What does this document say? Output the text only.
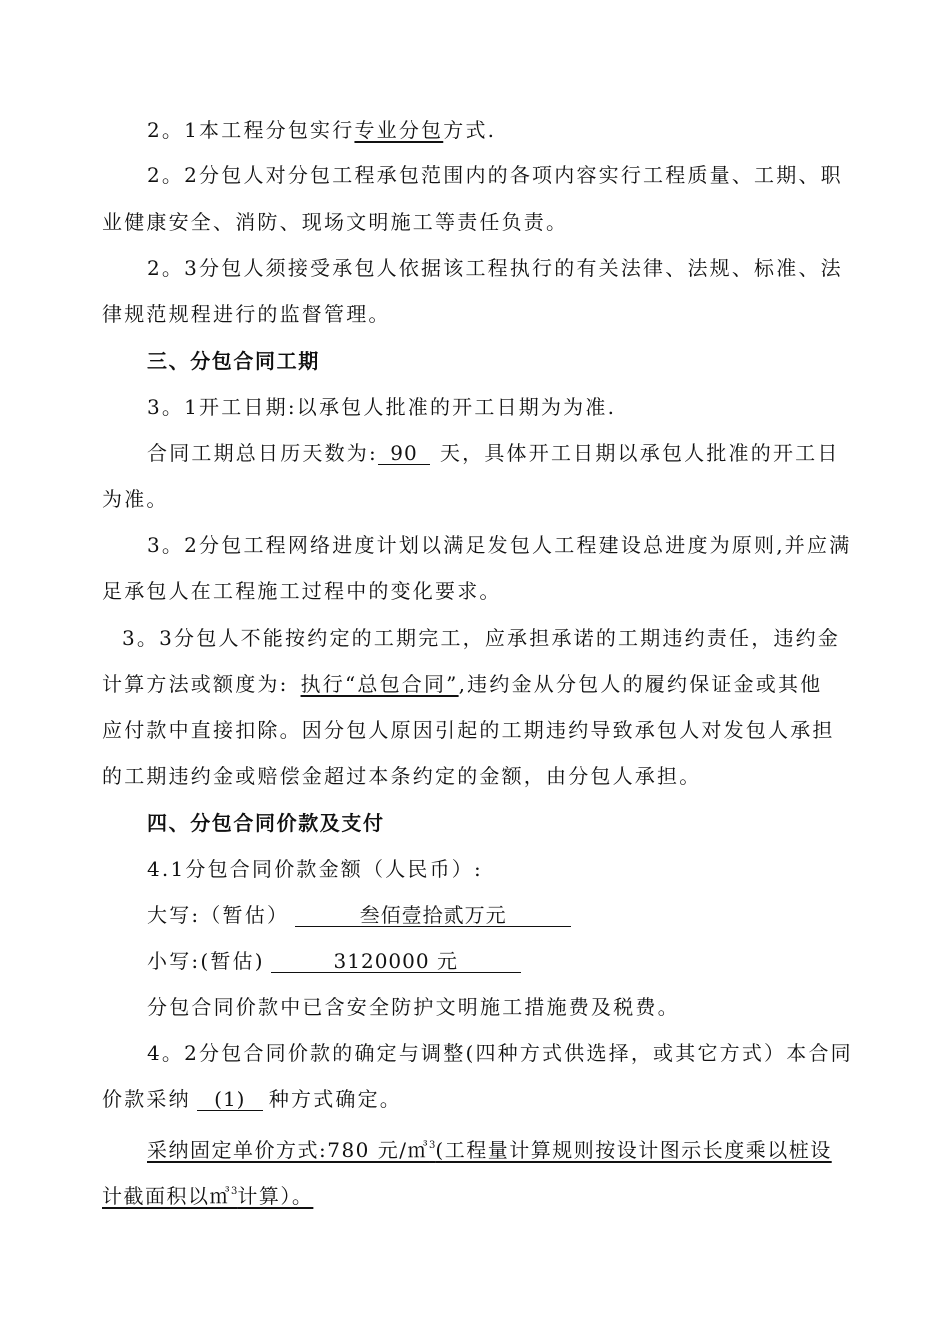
2。1本工程分包实行专业分包方式.
2。2分包人对分包工程承包范围内的各项内容实行工程质量、工期、职
业健康安全、消防、现场文明施工等责任负责。
2。3分包人须接受承包人依据该工程执行的有关法律、法规、标准、法
律规范规程进行的监督管理。
三、分包合同工期
3。1开工日期:以承包人批准的开工日期为为准.
合同工期总日历天数为: 90 天，具体开工日期以承包人批准的开工日
为准。
3。2分包工程网络进度计划以满足发包人工程建设总进度为原则,并应满
足承包人在工程施工过程中的变化要求。
3。3分包人不能按约定的工期完工，应承担承诺的工期违约责任，违约金
计算方法或额度为: 执行“总包合同”,违约金从分包人的履约保证金或其他
应付款中直接扣除。因分包人原因引起的工期违约导致承包人对发包人承担
的工期违约金或赔偿金超过本条约定的金额，由分包人承担。
四、分包合同价款及支付
4.1分包合同价款金额（人民币）:
大写:（暂估）	叁佰壹拾贰万元
小写:(暂估)	3120000 元
分包合同价款中已含安全防护文明施工措施费及税费。
4。2分包合同价款的确定与调整(四种方式供选择，或其它方式）本合同
价款采纳 (1) 种方式确定。
采纳固定单价方式:780 元/㎥$^3$(工程量计算规则按设计图示长度乘以桩设
计截面积以㎥$^3$计算）。
